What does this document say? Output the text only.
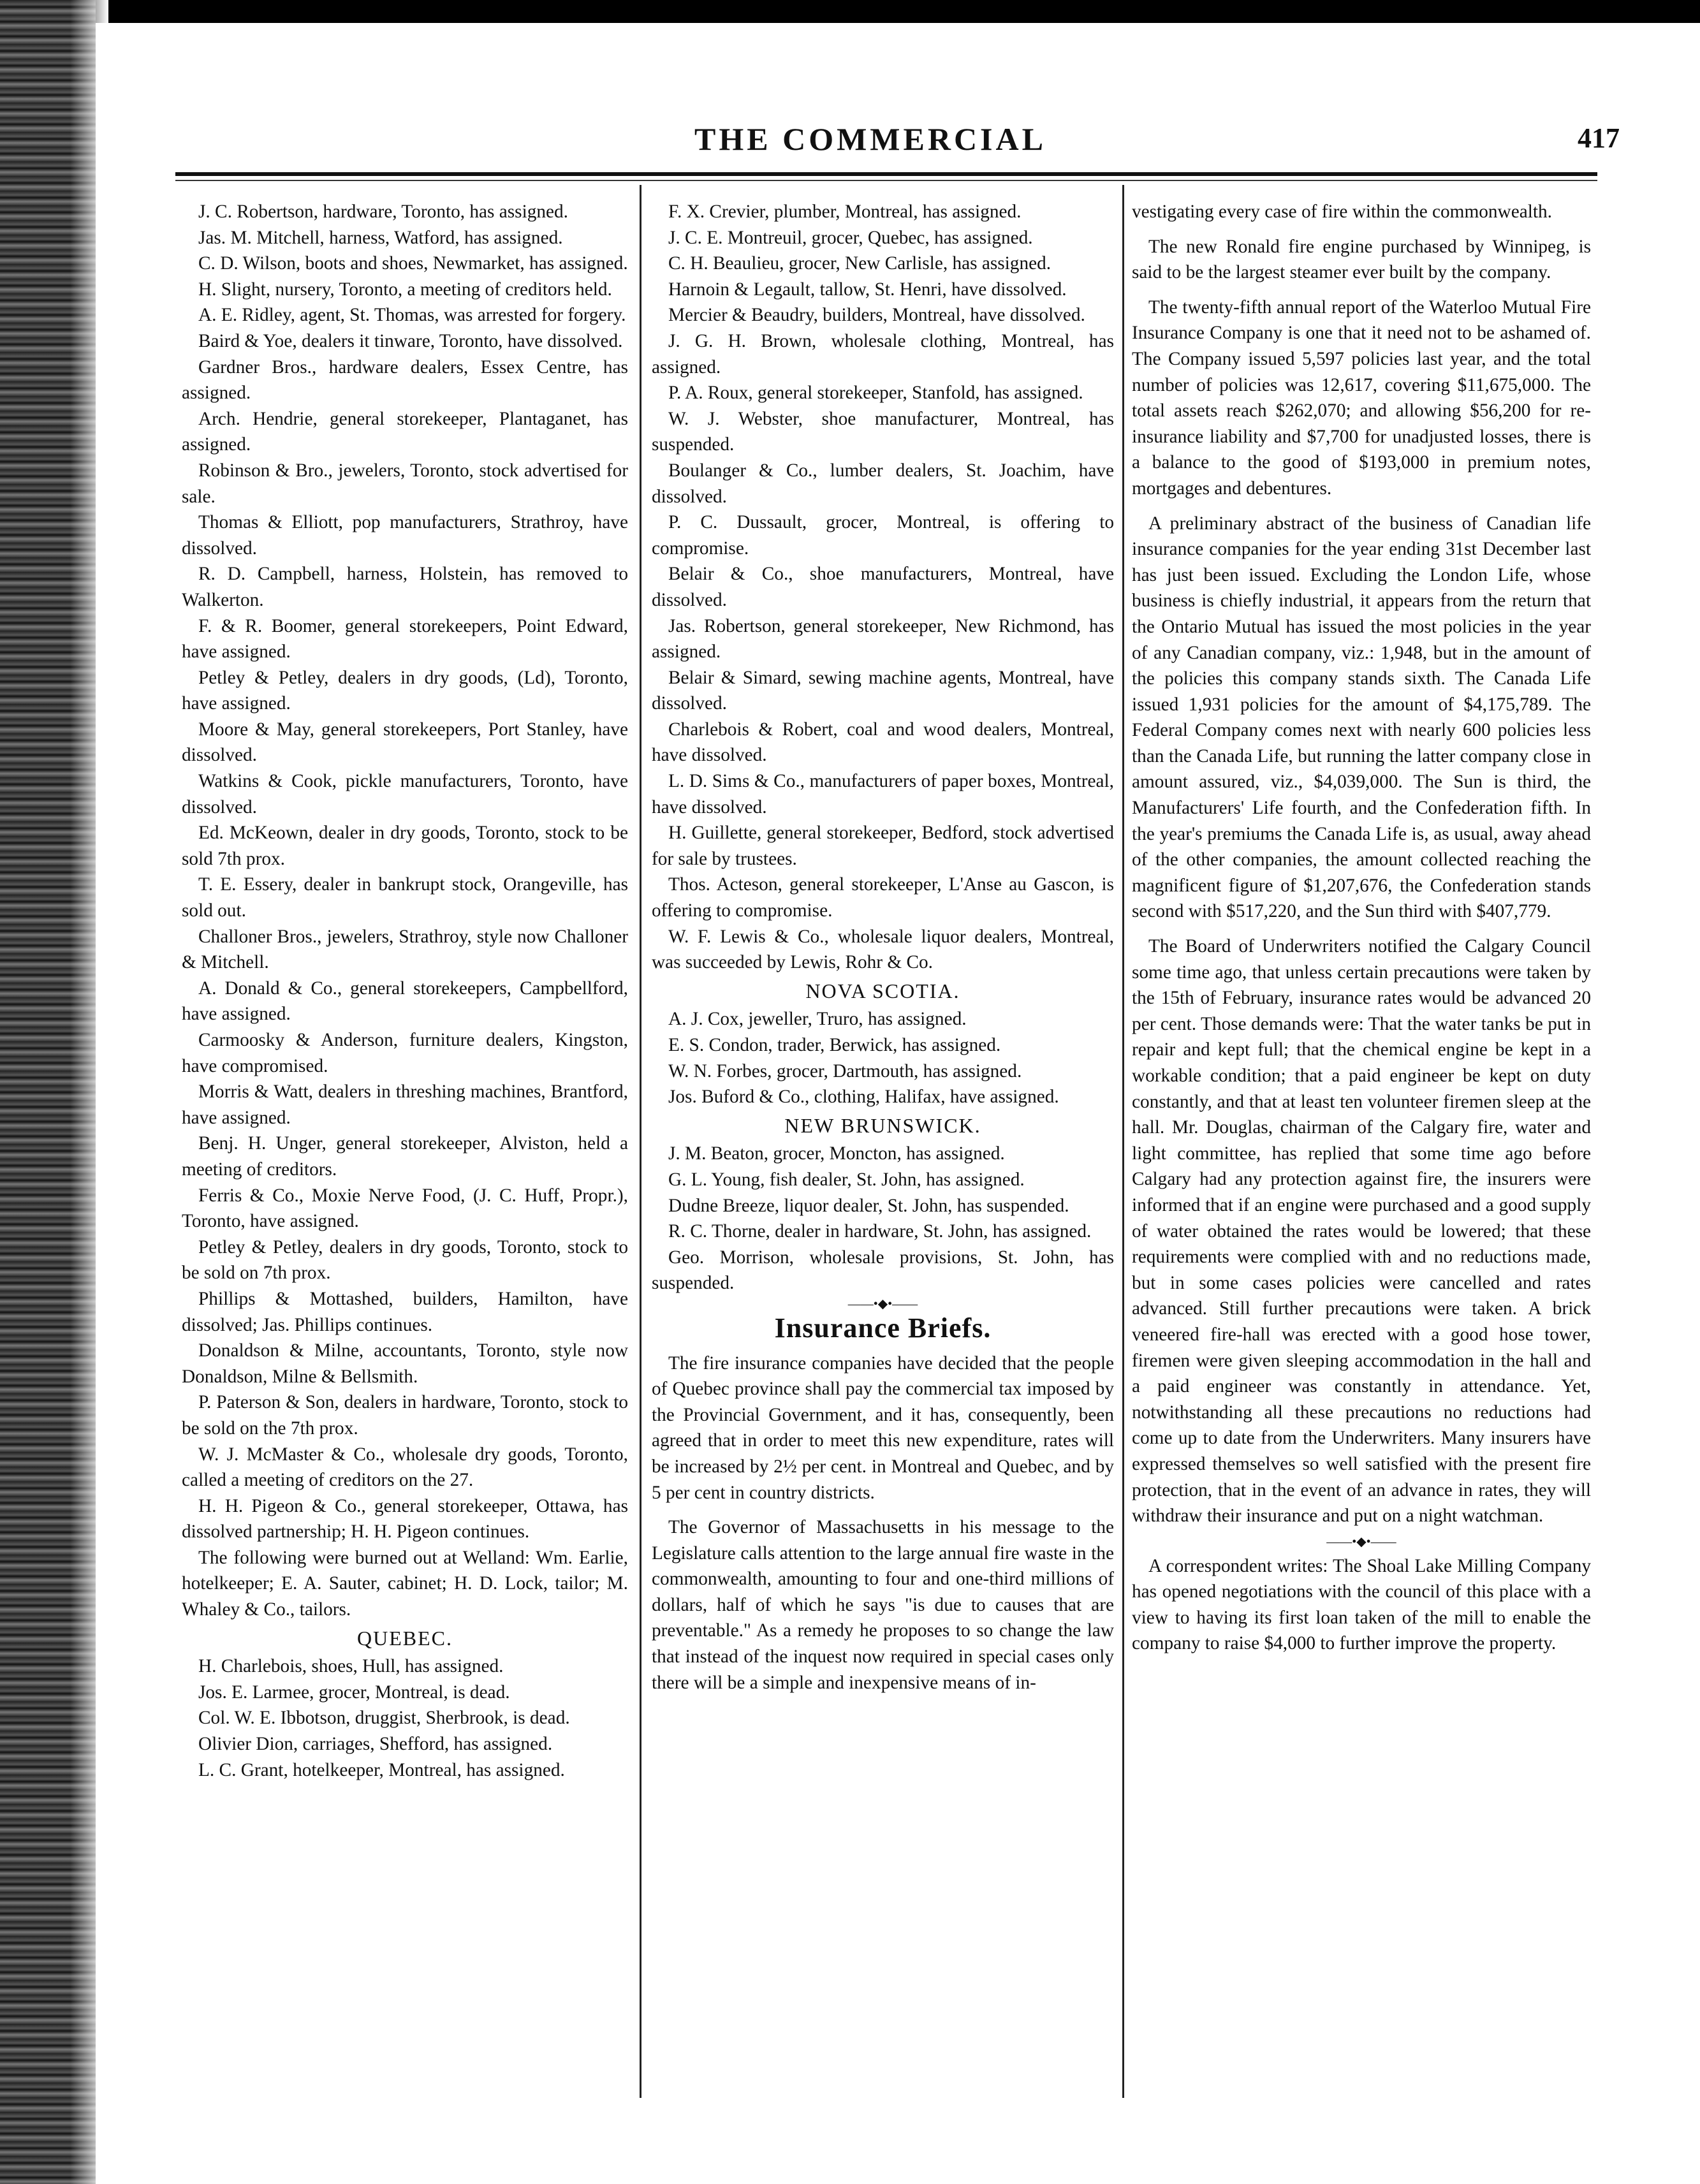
THE COMMERCIAL	417

J. C. Robertson, hardware, Toronto, has assigned.

Jas. M. Mitchell, harness, Watford, has assigned.

C. D. Wilson, boots and shoes, Newmarket, has assigned.

H. Slight, nursery, Toronto, a meeting of creditors held.

A. E. Ridley, agent, St. Thomas, was arrested for forgery.

Baird & Yoe, dealers it tinware, Toronto, have dissolved.

Gardner Bros., hardware dealers, Essex Centre, has assigned.

Arch. Hendrie, general storekeeper, Plantaganet, has assigned.

Robinson & Bro., jewelers, Toronto, stock advertised for sale.

Thomas & Elliott, pop manufacturers, Strathroy, have dissolved.

R. D. Campbell, harness, Holstein, has removed to Walkerton.

F. & R. Boomer, general storekeepers, Point Edward, have assigned.

Petley & Petley, dealers in dry goods, (Ld), Toronto, have assigned.

Moore & May, general storekeepers, Port Stanley, have dissolved.

Watkins & Cook, pickle manufacturers, Toronto, have dissolved.

Ed. McKeown, dealer in dry goods, Toronto, stock to be sold 7th prox.

T. E. Essery, dealer in bankrupt stock, Orangeville, has sold out.

Challoner Bros., jewelers, Strathroy, style now Challoner & Mitchell.

A. Donald & Co., general storekeepers, Campbellford, have assigned.

Carmoosky & Anderson, furniture dealers, Kingston, have compromised.

Morris & Watt, dealers in threshing machines, Brantford, have assigned.

Benj. H. Unger, general storekeeper, Alviston, held a meeting of creditors.

Ferris & Co., Moxie Nerve Food, (J. C. Huff, Propr.), Toronto, have assigned.

Petley & Petley, dealers in dry goods, Toronto, stock to be sold on 7th prox.

Phillips & Mottashed, builders, Hamilton, have dissolved; Jas. Phillips continues.

Donaldson & Milne, accountants, Toronto, style now Donaldson, Milne & Bellsmith.

P. Paterson & Son, dealers in hardware, Toronto, stock to be sold on the 7th prox.

W. J. McMaster & Co., wholesale dry goods, Toronto, called a meeting of creditors on the 27.

H. H. Pigeon & Co., general storekeeper, Ottawa, has dissolved partnership; H. H. Pigeon continues.

The following were burned out at Welland: Wm. Earlie, hotelkeeper; E. A. Sauter, cabinet; H. D. Lock, tailor; M. Whaley & Co., tailors.

QUEBEC.

H. Charlebois, shoes, Hull, has assigned.

Jos. E. Larmee, grocer, Montreal, is dead.

Col. W. E. Ibbotson, druggist, Sherbrook, is dead.

Olivier Dion, carriages, Shefford, has assigned.

L. C. Grant, hotelkeeper, Montreal, has assigned.

F. X. Crevier, plumber, Montreal, has assigned.

J. C. E. Montreuil, grocer, Quebec, has assigned.

C. H. Beaulieu, grocer, New Carlisle, has assigned.

Harnoin & Legault, tallow, St. Henri, have dissolved.

Mercier & Beaudry, builders, Montreal, have dissolved.

J. G. H. Brown, wholesale clothing, Montreal, has assigned.

P. A. Roux, general storekeeper, Stanfold, has assigned.

W. J. Webster, shoe manufacturer, Montreal, has suspended.

Boulanger & Co., lumber dealers, St. Joachim, have dissolved.

P. C. Dussault, grocer, Montreal, is offering to compromise.

Belair & Co., shoe manufacturers, Montreal, have dissolved.

Jas. Robertson, general storekeeper, New Richmond, has assigned.

Belair & Simard, sewing machine agents, Montreal, have dissolved.

Charlebois & Robert, coal and wood dealers, Montreal, have dissolved.

L. D. Sims & Co., manufacturers of paper boxes, Montreal, have dissolved.

H. Guillette, general storekeeper, Bedford, stock advertised for sale by trustees.

Thos. Acteson, general storekeeper, L'Anse au Gascon, is offering to compromise.

W. F. Lewis & Co., wholesale liquor dealers, Montreal, was succeeded by Lewis, Rohr & Co.

NOVA SCOTIA.

A. J. Cox, jeweller, Truro, has assigned.

E. S. Condon, trader, Berwick, has assigned.

W. N. Forbes, grocer, Dartmouth, has assigned.

Jos. Buford & Co., clothing, Halifax, have assigned.

NEW BRUNSWICK.

J. M. Beaton, grocer, Moncton, has assigned.

G. L. Young, fish dealer, St. John, has assigned.

Dudne Breeze, liquor dealer, St. John, has suspended.

R. C. Thorne, dealer in hardware, St. John, has assigned.

Geo. Morrison, wholesale provisions, St. John, has suspended.

——•◆•——
Insurance Briefs.

The fire insurance companies have decided that the people of Quebec province shall pay the commercial tax imposed by the Provincial Government, and it has, consequently, been agreed that in order to meet this new expenditure, rates will be increased by 2½ per cent. in Montreal and Quebec, and by 5 per cent in country districts.

The Governor of Massachusetts in his message to the Legislature calls attention to the large annual fire waste in the commonwealth, amounting to four and one-third millions of dollars, half of which he says "is due to causes that are preventable." As a remedy he proposes to so change the law that instead of the inquest now required in special cases only there will be a simple and inexpensive means of in-

vestigating every case of fire within the commonwealth.

The new Ronald fire engine purchased by Winnipeg, is said to be the largest steamer ever built by the company.

The twenty-fifth annual report of the Waterloo Mutual Fire Insurance Company is one that it need not to be ashamed of. The Company issued 5,597 policies last year, and the total number of policies was 12,617, covering $11,675,000. The total assets reach $262,070; and allowing $56,200 for re-insurance liability and $7,700 for unadjusted losses, there is a balance to the good of $193,000 in premium notes, mortgages and debentures.

A preliminary abstract of the business of Canadian life insurance companies for the year ending 31st December last has just been issued. Excluding the London Life, whose business is chiefly industrial, it appears from the return that the Ontario Mutual has issued the most policies in the year of any Canadian company, viz.: 1,948, but in the amount of the policies this company stands sixth. The Canada Life issued 1,931 policies for the amount of $4,175,789. The Federal Company comes next with nearly 600 policies less than the Canada Life, but running the latter company close in amount assured, viz., $4,039,000. The Sun is third, the Manufacturers' Life fourth, and the Confederation fifth. In the year's premiums the Canada Life is, as usual, away ahead of the other companies, the amount collected reaching the magnificent figure of $1,207,676, the Confederation stands second with $517,220, and the Sun third with $407,779.

The Board of Underwriters notified the Calgary Council some time ago, that unless certain precautions were taken by the 15th of February, insurance rates would be advanced 20 per cent. Those demands were: That the water tanks be put in repair and kept full; that the chemical engine be kept in a workable condition; that a paid engineer be kept on duty constantly, and that at least ten volunteer firemen sleep at the hall. Mr. Douglas, chairman of the Calgary fire, water and light committee, has replied that some time ago before Calgary had any protection against fire, the insurers were informed that if an engine were purchased and a good supply of water obtained the rates would be lowered; that these requirements were complied with and no reductions made, but in some cases policies were cancelled and rates advanced. Still further precautions were taken. A brick veneered fire-hall was erected with a good hose tower, firemen were given sleeping accommodation in the hall and a paid engineer was constantly in attendance. Yet, notwithstanding all these precautions no reductions had come up to date from the Underwriters. Many insurers have expressed themselves so well satisfied with the present fire protection, that in the event of an advance in rates, they will withdraw their insurance and put on a night watchman.

——•◆•——

A correspondent writes: The Shoal Lake Milling Company has opened negotiations with the council of this place with a view to having its first loan taken of the mill to enable the company to raise $4,000 to further improve the property.
